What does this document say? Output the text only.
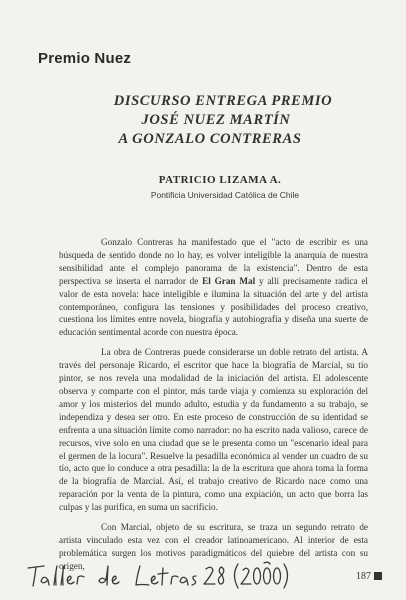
Premio Nuez
DISCURSO ENTREGA PREMIO
JOSÉ NUEZ MARTÍN
A GONZALO CONTRERAS
PATRICIO LIZAMA A.
Pontificia Universidad Católica de Chile

Gonzalo Contreras ha manifestado que el "acto de escribir es una búsqueda de sentido donde no lo hay, es volver inteligible la anarquía de nuestra sensibilidad ante el complejo panorama de la existencia". Dentro de esta perspectiva se inserta el narrador de El Gran Mal y allí precisamente radica el valor de esta novela: hace inteligible e ilumina la situación del arte y del artista contemporáneo, configura las tensiones y posibilidades del proceso creativo, cuestiona los límites entre novela, biografía y autobiografía y diseña una suerte de educación sentimental acorde con nuestra época.

La obra de Contreras puede considerarse un doble retrato del artista. A través del personaje Ricardo, el escritor que hace la biografía de Marcial, su tío pintor, se nos revela una modalidad de la iniciación del artista. El adolescente observa y comparte con el pintor, más tarde viaja y comienza su exploración del amor y los misterios del mundo adulto, estudia y da fundamento a su trabajo, se independiza y desea ser otro. En este proceso de construcción de su identidad se enfrenta a una situación límite como narrador: no ha escrito nada valioso, carece de recursos, vive solo en una ciudad que se le presenta como un "escenario ideal para el germen de la locura". Resuelve la pesadilla económica al vender un cuadro de su tío, acto que lo conduce a otra pesadilla: la de la escritura que ahora toma la forma de la biografía de Marcial. Así, el trabajo creativo de Ricardo nace como una reparación por la venta de la pintura, como una expiación, un acto que borra las culpas y las purifica, en suma un sacrificio.

Con Marcial, objeto de su escritura, se traza un segundo retrato de artista vinculado esta vez con el creador latinoamericano. Al interior de esta problemática surgen los motivos paradigmáticos del quiebre del artista con su origen,

187
